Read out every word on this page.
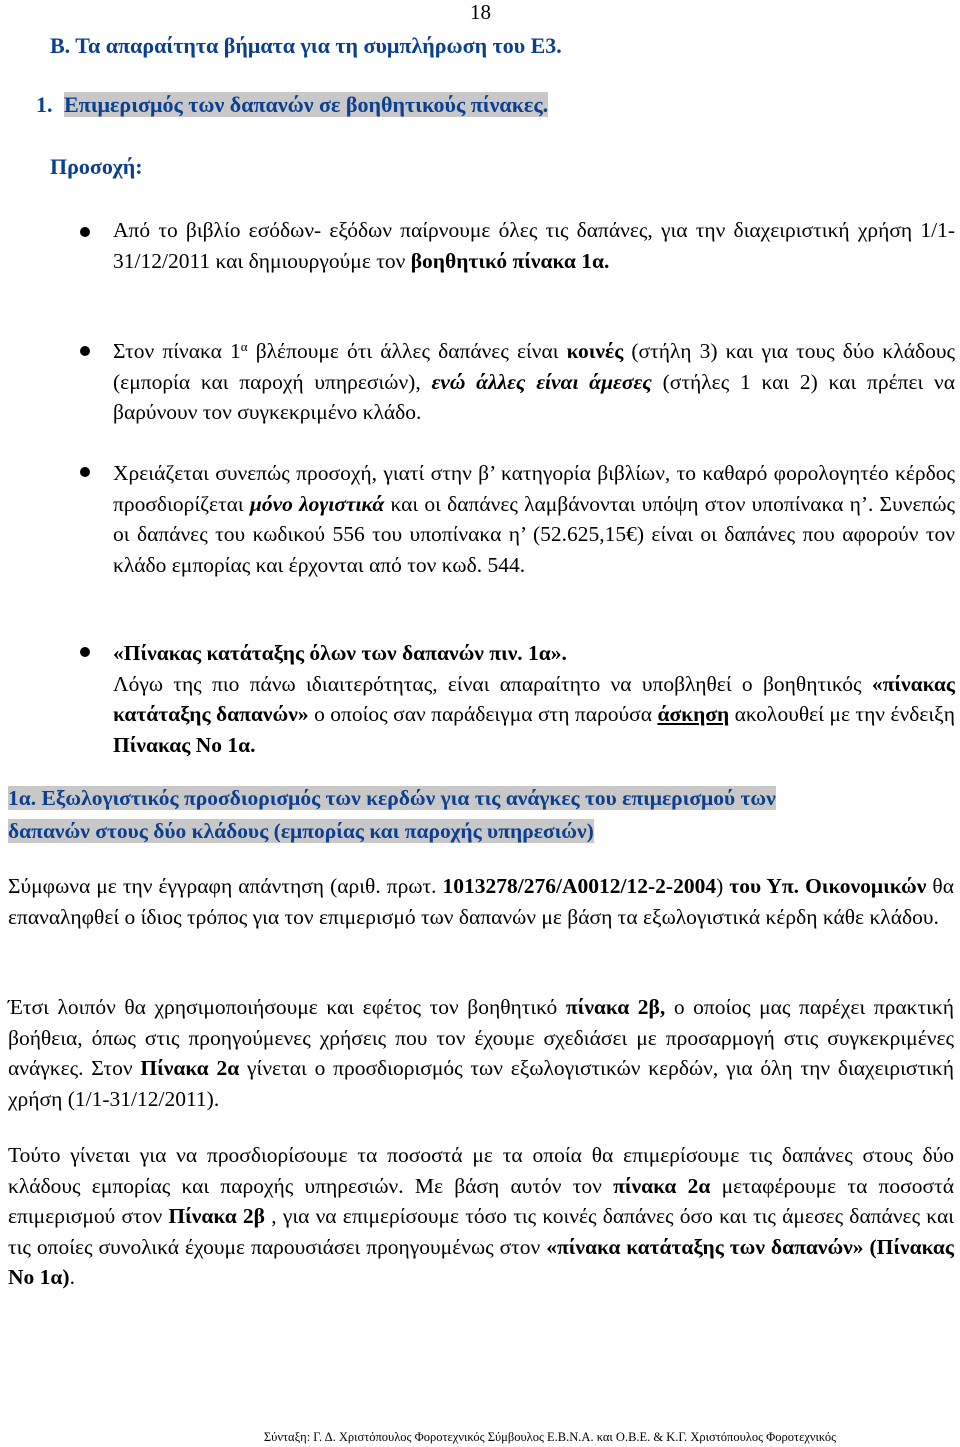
18
Β. Τα απαραίτητα βήματα για τη συμπλήρωση του Ε3.
1. Επιμερισμός των δαπανών σε βοηθητικούς πίνακες.
Προσοχή:
Από το βιβλίο εσόδων- εξόδων παίρνουμε όλες τις δαπάνες, για την διαχειριστική χρήση 1/1-31/12/2011 και δημιουργούμε τον βοηθητικό πίνακα 1α.
Στον πίνακα $1^\alpha$ βλέπουμε ότι άλλες δαπάνες είναι κοινές (στήλη 3) και για τους δύο κλάδους (εμπορία και παροχή υπηρεσιών), ενώ άλλες είναι άμεσες (στήλες 1 και 2) και πρέπει να βαρύνουν τον συγκεκριμένο κλάδο.
Χρειάζεται συνεπώς προσοχή, γιατί στην β’ κατηγορία βιβλίων, το καθαρό φορολογητέο κέρδος προσδιορίζεται μόνο λογιστικά και οι δαπάνες λαμβάνονται υπόψη στον υποπίνακα η’. Συνεπώς οι δαπάνες του κωδικού 556 του υποπίνακα η’ (52.625,15€) είναι οι δαπάνες που αφορούν τον κλάδο εμπορίας και έρχονται από τον κωδ. 544.
«Πίνακας κατάταξης όλων των δαπανών πιν. 1α».
Λόγω της πιο πάνω ιδιαιτερότητας, είναι απαραίτητο να υποβληθεί ο βοηθητικός «πίνακας κατάταξης δαπανών» ο οποίος σαν παράδειγμα στη παρούσα άσκηση ακολουθεί με την ένδειξη Πίνακας Νο 1α.
1α. Εξωλογιστικός προσδιορισμός των κερδών για τις ανάγκες του επιμερισμού των
δαπανών στους δύο κλάδους (εμπορίας και παροχής υπηρεσιών)
Σύμφωνα με την έγγραφη απάντηση (αριθ. πρωτ. 1013278/276/Α0012/12-2-2004) του Υπ. Οικονομικών θα επαναληφθεί ο ίδιος τρόπος για τον επιμερισμό των δαπανών με βάση τα εξωλογιστικά κέρδη κάθε κλάδου.
Έτσι λοιπόν θα χρησιμοποιήσουμε και εφέτος τον βοηθητικό πίνακα 2β, ο οποίος μας παρέχει πρακτική βοήθεια, όπως στις προηγούμενες χρήσεις που τον έχουμε σχεδιάσει με προσαρμογή στις συγκεκριμένες ανάγκες. Στον Πίνακα 2α γίνεται ο προσδιορισμός των εξωλογιστικών κερδών, για όλη την διαχειριστική χρήση (1/1-31/12/2011).
Τούτο γίνεται για να προσδιορίσουμε τα ποσοστά με τα οποία θα επιμερίσουμε τις δαπάνες στους δύο κλάδους εμπορίας και παροχής υπηρεσιών. Με βάση αυτόν τον πίνακα 2α μεταφέρουμε τα ποσοστά επιμερισμού στον Πίνακα 2β , για να επιμερίσουμε τόσο τις κοινές δαπάνες όσο και τις άμεσες δαπάνες και τις οποίες συνολικά έχουμε παρουσιάσει προηγουμένως στον «πίνακα κατάταξης των δαπανών» (Πίνακας Νο 1α).
Σύνταξη: Γ. Δ. Χριστόπουλος Φοροτεχνικός Σύμβουλος Ε.Β.Ν.Α. και Ο.Β.Ε. & Κ.Γ. Χριστόπουλος Φοροτεχνικός
